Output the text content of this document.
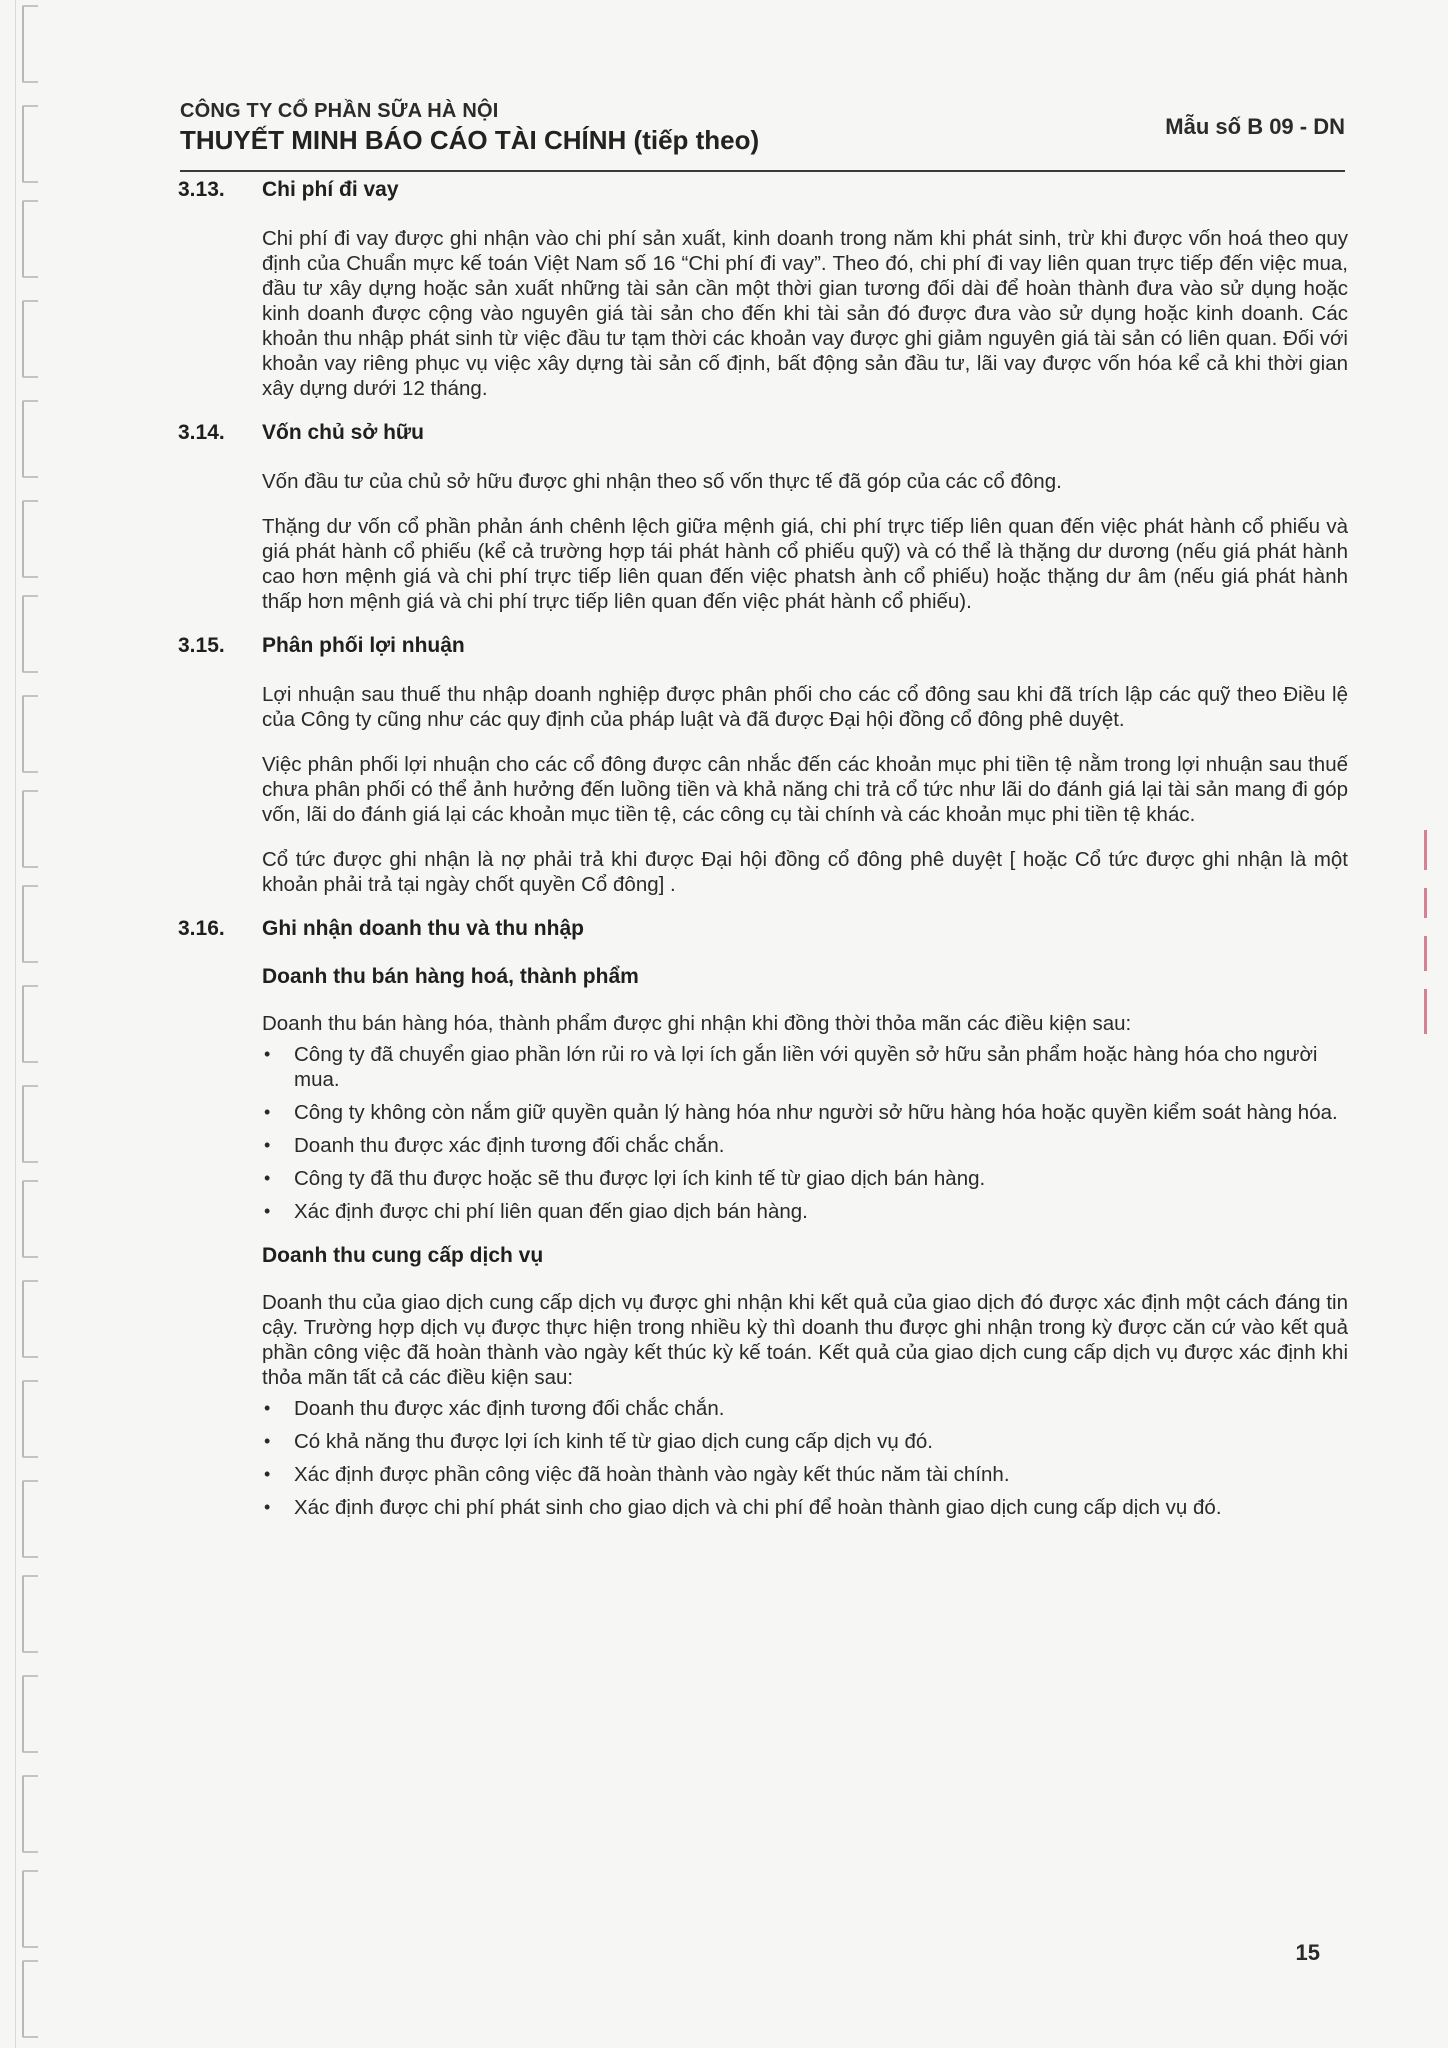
CÔNG TY CỔ PHẦN SỮA HÀ NỘI
THUYẾT MINH BÁO CÁO TÀI CHÍNH (tiếp theo)	Mẫu số B 09 - DN
3.13.	Chi phí đi vay

Chi phí đi vay được ghi nhận vào chi phí sản xuất, kinh doanh trong năm khi phát sinh, trừ khi được vốn hoá theo quy định của Chuẩn mực kế toán Việt Nam số 16 “Chi phí đi vay”. Theo đó, chi phí đi vay liên quan trực tiếp đến việc mua, đầu tư xây dựng hoặc sản xuất những tài sản cần một thời gian tương đối dài để hoàn thành đưa vào sử dụng hoặc kinh doanh được cộng vào nguyên giá tài sản cho đến khi tài sản đó được đưa vào sử dụng hoặc kinh doanh. Các khoản thu nhập phát sinh từ việc đầu tư tạm thời các khoản vay được ghi giảm nguyên giá tài sản có liên quan. Đối với khoản vay riêng phục vụ việc xây dựng tài sản cố định, bất động sản đầu tư, lãi vay được vốn hóa kể cả khi thời gian xây dựng dưới 12 tháng.

3.14.	Vốn chủ sở hữu

Vốn đầu tư của chủ sở hữu được ghi nhận theo số vốn thực tế đã góp của các cổ đông.

Thặng dư vốn cổ phần phản ánh chênh lệch giữa mệnh giá, chi phí trực tiếp liên quan đến việc phát hành cổ phiếu và giá phát hành cổ phiếu (kể cả trường hợp tái phát hành cổ phiếu quỹ) và có thể là thặng dư dương (nếu giá phát hành cao hơn mệnh giá và chi phí trực tiếp liên quan đến việc phatsh ành cổ phiếu) hoặc thặng dư âm (nếu giá phát hành thấp hơn mệnh giá và chi phí trực tiếp liên quan đến việc phát hành cổ phiếu).

3.15.	Phân phối lợi nhuận

Lợi nhuận sau thuế thu nhập doanh nghiệp được phân phối cho các cổ đông sau khi đã trích lập các quỹ theo Điều lệ của Công ty cũng như các quy định của pháp luật và đã được Đại hội đồng cổ đông phê duyệt.

Việc phân phối lợi nhuận cho các cổ đông được cân nhắc đến các khoản mục phi tiền tệ nằm trong lợi nhuận sau thuế chưa phân phối có thể ảnh hưởng đến luồng tiền và khả năng chi trả cổ tức như lãi do đánh giá lại tài sản mang đi góp vốn, lãi do đánh giá lại các khoản mục tiền tệ, các công cụ tài chính và các khoản mục phi tiền tệ khác.

Cổ tức được ghi nhận là nợ phải trả khi được Đại hội đồng cổ đông phê duyệt [ hoặc Cổ tức được ghi nhận là một khoản phải trả tại ngày chốt quyền Cổ đông] .

3.16.	Ghi nhận doanh thu và thu nhập
Doanh thu bán hàng hoá, thành phẩm

Doanh thu bán hàng hóa, thành phẩm được ghi nhận khi đồng thời thỏa mãn các điều kiện sau:

• Công ty đã chuyển giao phần lớn rủi ro và lợi ích gắn liền với quyền sở hữu sản phẩm hoặc hàng hóa cho người mua.
• Công ty không còn nắm giữ quyền quản lý hàng hóa như người sở hữu hàng hóa hoặc quyền kiểm soát hàng hóa.
• Doanh thu được xác định tương đối chắc chắn.
• Công ty đã thu được hoặc sẽ thu được lợi ích kinh tế từ giao dịch bán hàng.
• Xác định được chi phí liên quan đến giao dịch bán hàng.
Doanh thu cung cấp dịch vụ

Doanh thu của giao dịch cung cấp dịch vụ được ghi nhận khi kết quả của giao dịch đó được xác định một cách đáng tin cậy. Trường hợp dịch vụ được thực hiện trong nhiều kỳ thì doanh thu được ghi nhận trong kỳ được căn cứ vào kết quả phần công việc đã hoàn thành vào ngày kết thúc kỳ kế toán. Kết quả của giao dịch cung cấp dịch vụ được xác định khi thỏa mãn tất cả các điều kiện sau:

• Doanh thu được xác định tương đối chắc chắn.
• Có khả năng thu được lợi ích kinh tế từ giao dịch cung cấp dịch vụ đó.
• Xác định được phần công việc đã hoàn thành vào ngày kết thúc năm tài chính.
• Xác định được chi phí phát sinh cho giao dịch và chi phí để hoàn thành giao dịch cung cấp dịch vụ đó.
15
